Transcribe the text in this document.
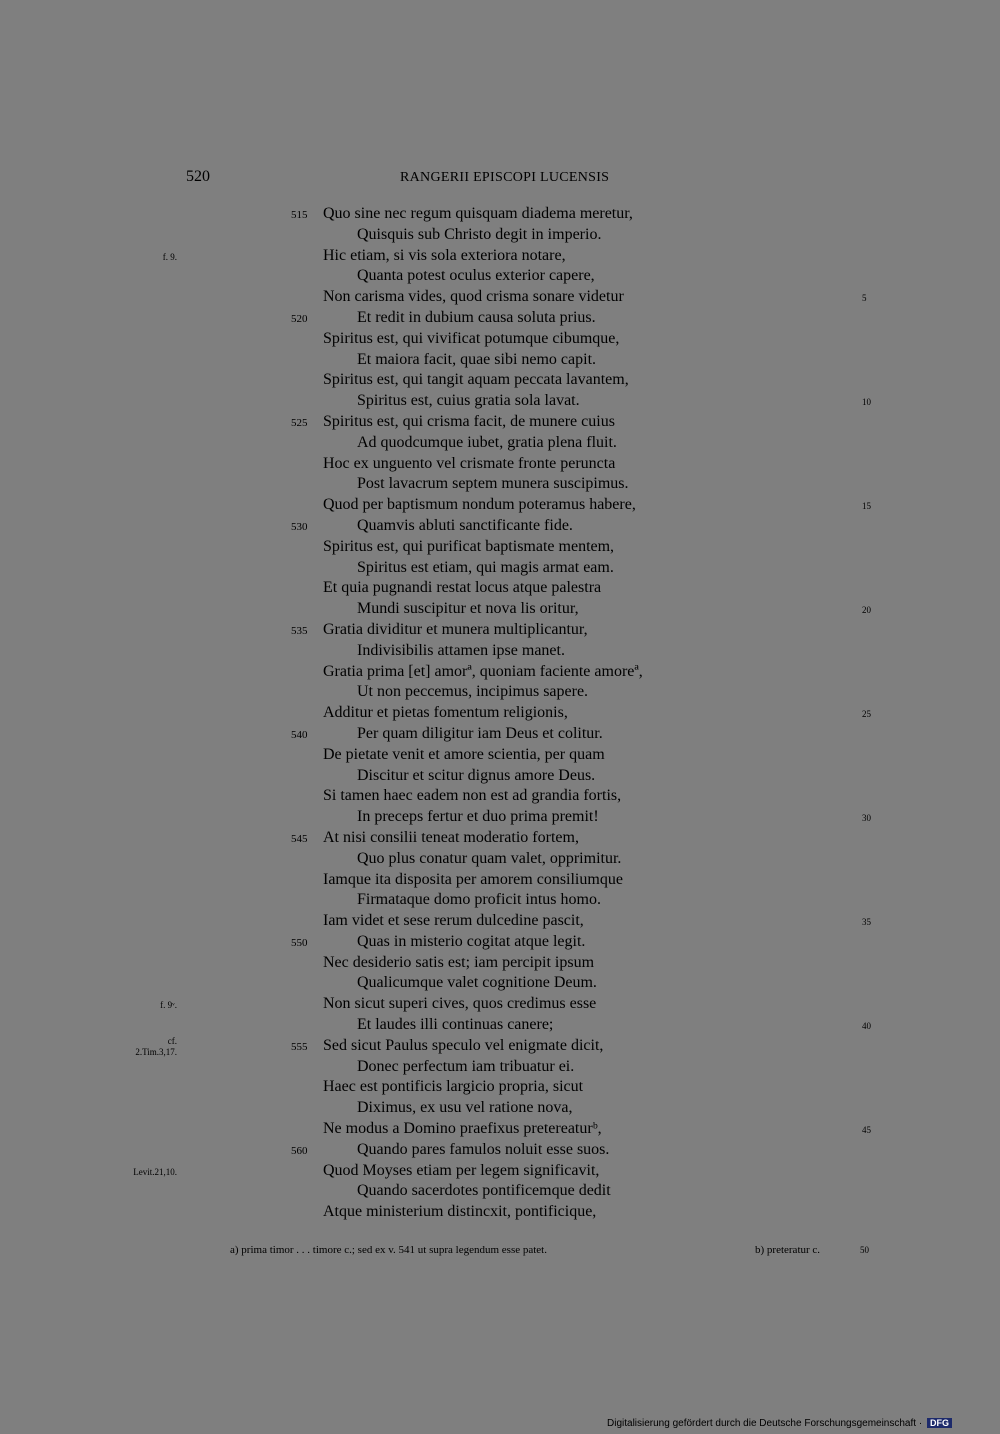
520	RANGERII EPISCOPI LUCENSIS
515 Quo sine nec regum quisquam diadema meretur,
Quisquis sub Christo degit in imperio.
f. 9.	Hic etiam, si vis sola exteriora notare,
Quanta potest oculus exterior capere,
Non carisma vides, quod crisma sonare videtur	5
520	Et redit in dubium causa soluta prius.
Spiritus est, qui vivificat potumque cibumque,
Et maiora facit, quae sibi nemo capit.
Spiritus est, qui tangit aquam peccata lavantem,
Spiritus est, cuius gratia sola lavat.	10
525 Spiritus est, qui crisma facit, de munere cuius
Ad quodcumque iubet, gratia plena fluit.
Hoc ex unguento vel crismate fronte peruncta
Post lavacrum septem munera suscipimus.
Quod per baptismum nondum poteramus habere,	15
530	Quamvis abluti sanctificante fide.
Spiritus est, qui purificat baptismate mentem,
Spiritus est etiam, qui magis armat eam.
Et quia pugnandi restat locus atque palestra
Mundi suscipitur et nova lis oritur,	20
535 Gratia dividitur et munera multiplicantur,
Indivisibilis attamen ipse manet.
Gratia prima [et] amorª, quoniam faciente amoreª,
Ut non peccemus, incipimus sapere.
Additur et pietas fomentum religionis,	25
540	Per quam diligitur iam Deus et colitur.
De pietate venit et amore scientia, per quam
Discitur et scitur dignus amore Deus.
Si tamen haec eadem non est ad grandia fortis,
In preceps fertur et duo prima premit!	30
545 At nisi consilii teneat moderatio fortem,
Quo plus conatur quam valet, opprimitur.
Iamque ita disposita per amorem consiliumque
Firmataque domo proficit intus homo.
Iam videt et sese rerum dulcedine pascit,	35
550	Quas in misterio cogitat atque legit.
Nec desiderio satis est; iam percipit ipsum
Qualicumque valet cognitione Deum.
f. 9ᵛ.	Non sicut superi cives, quos credimus esse
Et laudes illi continuas canere;	40
555
cf.
2.Tim.3,17.	Sed sicut Paulus speculo vel enigmate dicit,
Donec perfectum iam tribuatur ei.
Haec est pontificis largicio propria, sicut
Diximus, ex usu vel ratione nova,
Ne modus a Domino praefixus pretereaturᵇ,	45
560	Quando pares famulos noluit esse suos.
Levit.21,10.	Quod Moyses etiam per legem significavit,
Quando sacerdotes pontificemque dedit
Atque ministerium distincxit, pontificique,
a) prima timor . . . timore c.; sed ex v. 541 ut supra legendum esse patet.	b) preteratur c.	50
Digitalisierung gefördert durch die Deutsche Forschungsgemeinschaft · DFG
